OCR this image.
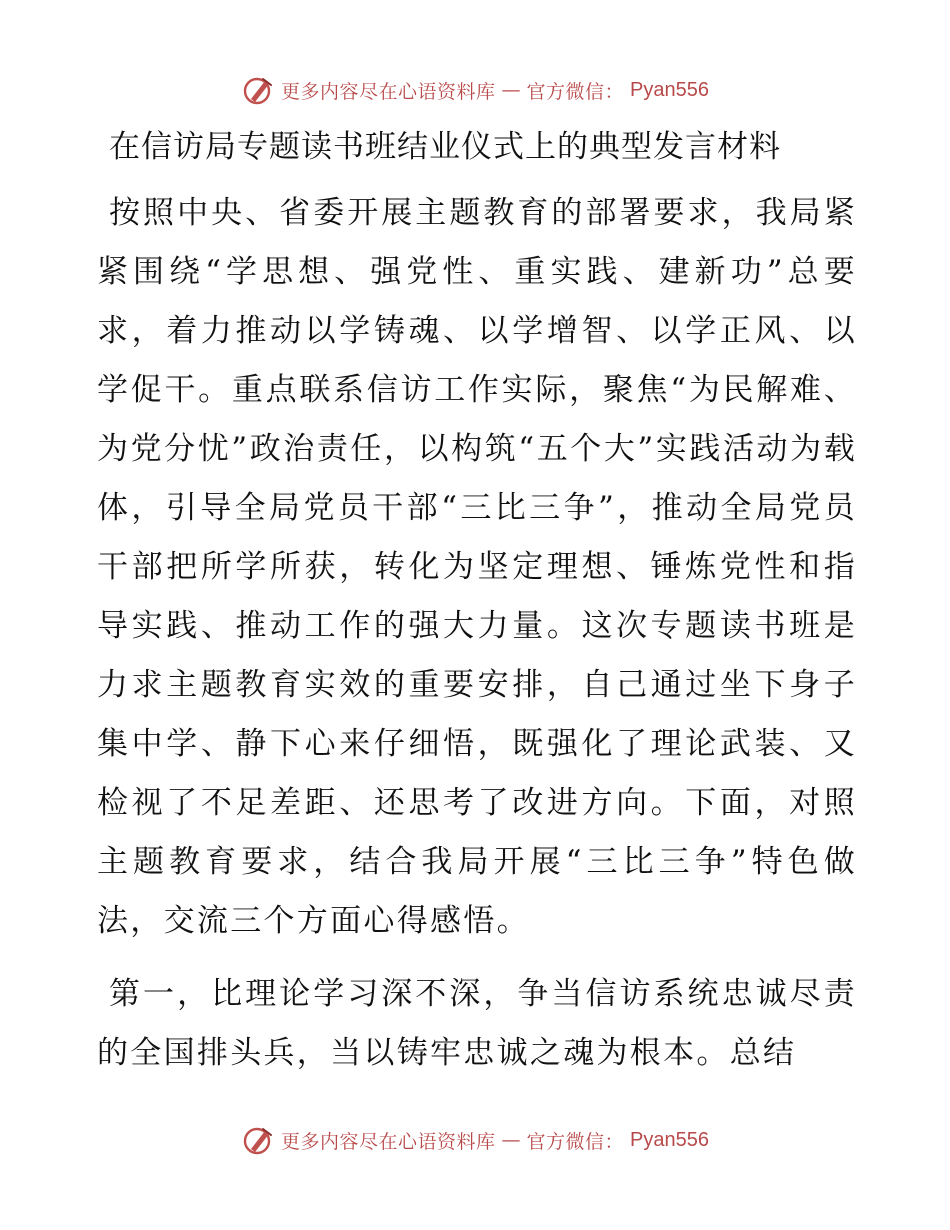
更多内容尽在心语资料库 — 官方微信： Pyan556
在信访局专题读书班结业仪式上的典型发言材料

按照中央、省委开展主题教育的部署要求，我局紧紧围绕“学思想、强党性、重实践、建新功”总要求，着力推动以学铸魂、以学增智、以学正风、以学促干。重点联系信访工作实际，聚焦“为民解难、为党分忧”政治责任，以构筑“五个大”实践活动为载体，引导全局党员干部“三比三争”，推动全局党员干部把所学所获，转化为坚定理想、锤炼党性和指导实践、推动工作的强大力量。这次专题读书班是力求主题教育实效的重要安排，自己通过坐下身子集中学、静下心来仔细悟，既强化了理论武装、又检视了不足差距、还思考了改进方向。下面，对照主题教育要求，结合我局开展“三比三争”特色做法，交流三个方面心得感悟。

第一，比理论学习深不深，争当信访系统忠诚尽责的全国排头兵，当以铸牢忠诚之魂为根本。总结

更多内容尽在心语资料库 — 官方微信： Pyan556
